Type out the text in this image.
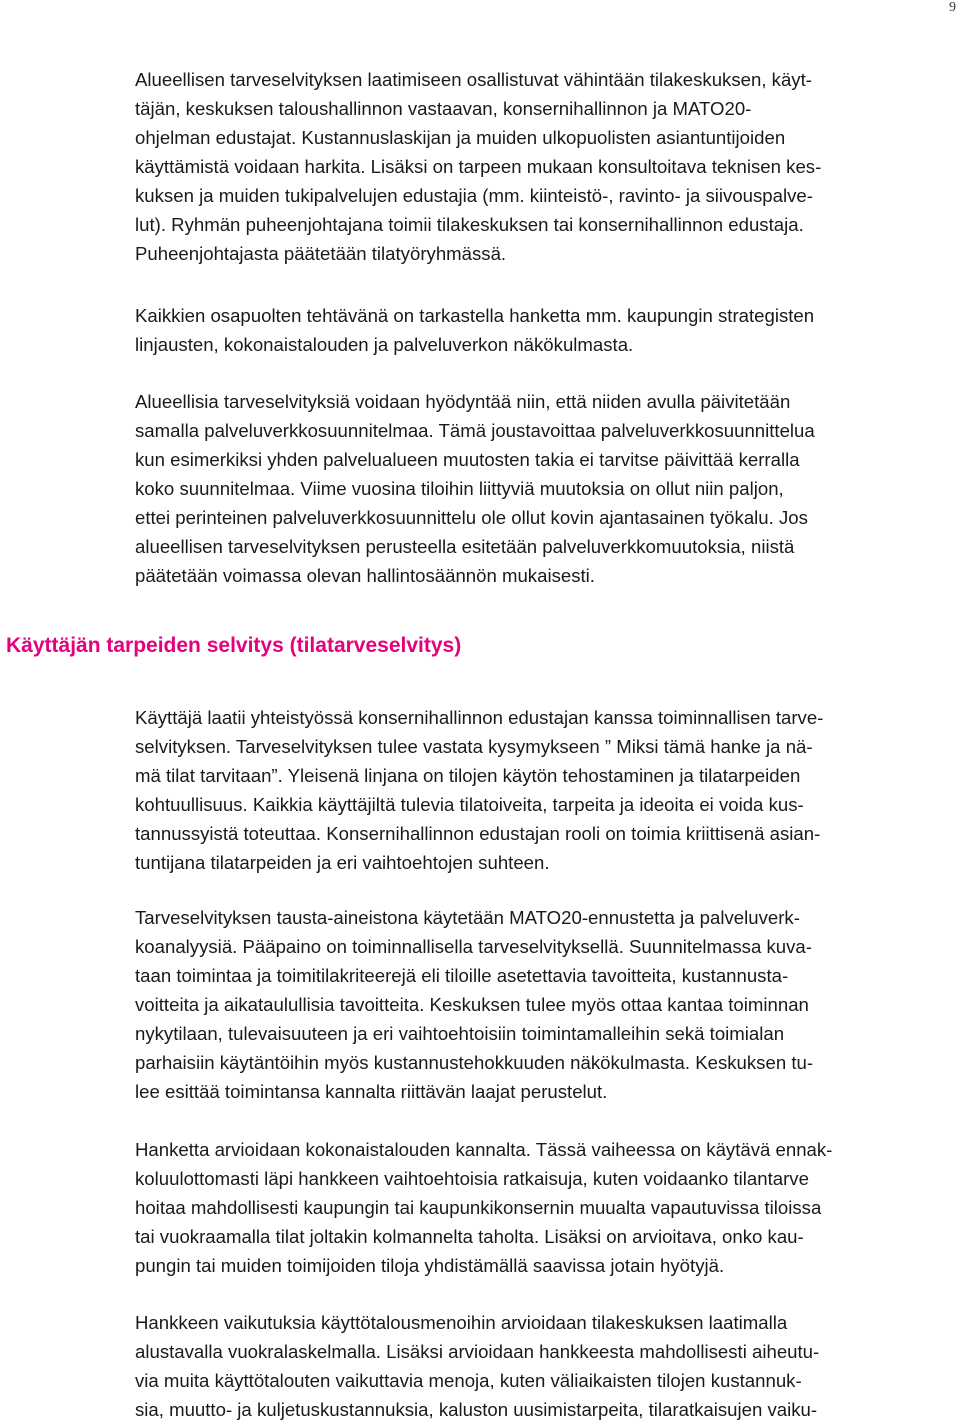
9
Alueellisen tarveselvityksen laatimiseen osallistuvat vähintään tilakeskuksen, käyt-
täjän, keskuksen taloushallinnon vastaavan, konsernihallinnon ja MATO20-
ohjelman edustajat. Kustannuslaskijan ja muiden ulkopuolisten asiantuntijoiden
käyttämistä voidaan harkita. Lisäksi on tarpeen mukaan konsultoitava teknisen kes-
kuksen ja muiden tukipalvelujen edustajia (mm. kiinteistö-, ravinto- ja siivouspalve-
lut). Ryhmän puheenjohtajana toimii tilakeskuksen tai konsernihallinnon edustaja.
Puheenjohtajasta päätetään tilatyöryhmässä.
Kaikkien osapuolten tehtävänä on tarkastella hanketta mm. kaupungin strategisten
linjausten, kokonaistalouden ja palveluverkon näkökulmasta.
Alueellisia tarveselvityksiä voidaan hyödyntää niin, että niiden avulla päivitetään
samalla palveluverkkosuunnitelmaa. Tämä joustavoittaa palveluverkkosuunnittelua
kun esimerkiksi yhden palvelualueen muutosten takia ei tarvitse päivittää kerralla
koko suunnitelmaa. Viime vuosina tiloihin liittyviä muutoksia on ollut niin paljon,
ettei perinteinen palveluverkkosuunnittelu ole ollut kovin ajantasainen työkalu. Jos
alueellisen tarveselvityksen perusteella esitetään palveluverkkomuutoksia, niistä
päätetään voimassa olevan hallintosäännön mukaisesti.
Käyttäjän tarpeiden selvitys (tilatarveselvitys)
Käyttäjä laatii yhteistyössä konsernihallinnon edustajan kanssa toiminnallisen tarve-
selvityksen. Tarveselvityksen tulee vastata kysymykseen ” Miksi tämä hanke ja nä-
mä tilat tarvitaan”. Yleisenä linjana on tilojen käytön tehostaminen ja tilatarpeiden
kohtuullisuus. Kaikkia käyttäjiltä tulevia tilatoiveita, tarpeita ja ideoita ei voida kus-
tannussyistä toteuttaa. Konsernihallinnon edustajan rooli on toimia kriittisenä asian-
tuntijana tilatarpeiden ja eri vaihtoehtojen suhteen.
Tarveselvityksen tausta-aineistona käytetään MATO20-ennustetta ja palveluverk-
koanalyysiä. Pääpaino on toiminnallisella tarveselvityksellä. Suunnitelmassa kuva-
taan toimintaa ja toimitilakriteerejä eli tiloille asetettavia tavoitteita, kustannusta-
voitteita ja aikataulullisia tavoitteita. Keskuksen tulee myös ottaa kantaa toiminnan
nykytilaan, tulevaisuuteen ja eri vaihtoehtoisiin toimintamalleihin sekä toimialan
parhaisiin käytäntöihin myös kustannustehokkuuden näkökulmasta. Keskuksen tu-
lee esittää toimintansa kannalta riittävän laajat perustelut.
Hanketta arvioidaan kokonaistalouden kannalta. Tässä vaiheessa on käytävä ennak-
koluulottomasti läpi hankkeen vaihtoehtoisia ratkaisuja, kuten voidaanko tilantarve
hoitaa mahdollisesti kaupungin tai kaupunkikonsernin muualta vapautuvissa tiloissa
tai vuokraamalla tilat joltakin kolmannelta taholta. Lisäksi on arvioitava, onko kau-
pungin tai muiden toimijoiden tiloja yhdistämällä saavissa jotain hyötyjä.
Hankkeen vaikutuksia käyttötalousmenoihin arvioidaan tilakeskuksen laatimalla
alustavalla vuokralaskelmalla. Lisäksi arvioidaan hankkeesta mahdollisesti aiheutu-
via muita käyttötalouten vaikuttavia menoja, kuten väliaikaisten tilojen kustannuk-
sia, muutto- ja kuljetuskustannuksia, kaluston uusimistarpeita, tilaratkaisujen vaiku-
